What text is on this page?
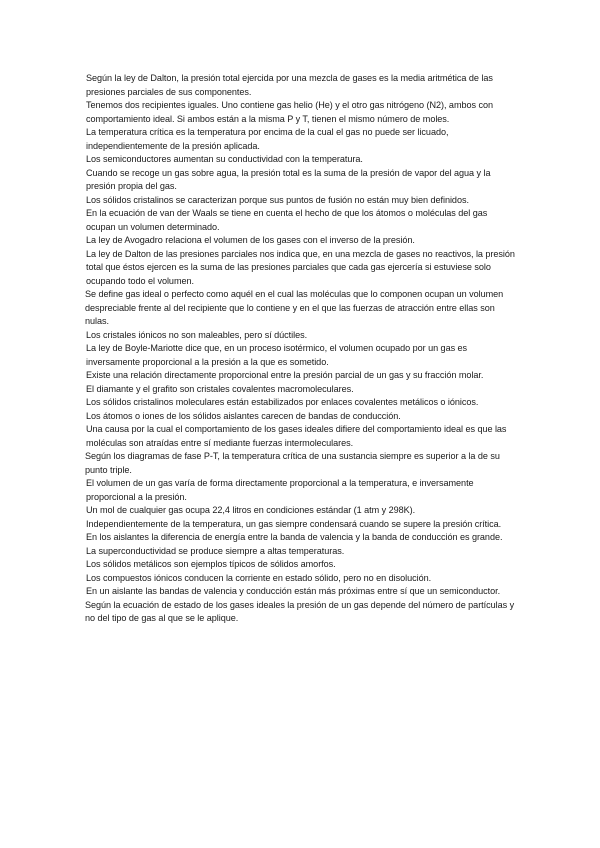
Según la ley de Dalton, la presión total ejercida por una mezcla de gases es la media aritmética de las presiones parciales de sus componentes.

Tenemos dos recipientes iguales. Uno contiene gas helio (He) y el otro gas nitrógeno (N2), ambos con comportamiento ideal. Si ambos están a la misma P y T, tienen el mismo número de moles.

La temperatura crítica es la temperatura por encima de la cual el gas no puede ser licuado, independientemente de la presión aplicada.

Los semiconductores aumentan su conductividad con la temperatura.

Cuando se recoge un gas sobre agua, la presión total es la suma de la presión de vapor del agua y la presión propia del gas.

Los sólidos cristalinos se caracterizan porque sus puntos de fusión no están muy bien definidos.

En la ecuación de van der Waals se tiene en cuenta el hecho de que los átomos o moléculas del gas ocupan un volumen determinado.

La ley de Avogadro relaciona el volumen de los gases con el inverso de la presión.

La ley de Dalton de las presiones parciales nos indica que, en una mezcla de gases no reactivos, la presión total que éstos ejercen es la suma de las presiones parciales que cada gas ejercería si estuviese solo ocupando todo el volumen.

Se define gas ideal o perfecto como aquél en el cual las moléculas que lo componen ocupan un volumen despreciable frente al del recipiente que lo contiene y en el que las fuerzas de atracción entre ellas son nulas.

Los cristales iónicos no son maleables, pero sí dúctiles.

La ley de Boyle-Mariotte dice que, en un proceso isotérmico, el volumen ocupado por un gas es inversamente proporcional a la presión a la que es sometido.

Existe una relación directamente proporcional entre la presión parcial de un gas y su fracción molar.

El diamante y el grafito son cristales covalentes macromoleculares.

Los sólidos cristalinos moleculares están estabilizados por enlaces covalentes metálicos o iónicos.

Los átomos o iones de los sólidos aislantes carecen de bandas de conducción.

Una causa por la cual el comportamiento de los gases ideales difiere del comportamiento ideal es que las moléculas son atraídas entre sí mediante fuerzas intermoleculares.

Según los diagramas de fase P-T, la temperatura crítica de una sustancia siempre es superior a la de su punto triple.

El volumen de un gas varía de forma directamente proporcional a la temperatura, e inversamente proporcional a la presión.

Un mol de cualquier gas ocupa 22,4 litros en condiciones estándar (1 atm y 298K).

Independientemente de la temperatura, un gas siempre condensará cuando se supere la presión crítica.

En los aislantes la diferencia de energía entre la banda de valencia y la banda de conducción es grande.

La superconductividad se produce siempre a altas temperaturas.

Los sólidos metálicos son ejemplos típicos de sólidos amorfos.

Los compuestos iónicos conducen la corriente en estado sólido, pero no en disolución.

En un aislante las bandas de valencia y conducción están más próximas entre sí que un semiconductor.

Según la ecuación de estado de los gases ideales la presión de un gas depende del número de partículas y no del tipo de gas al que se le aplique.
